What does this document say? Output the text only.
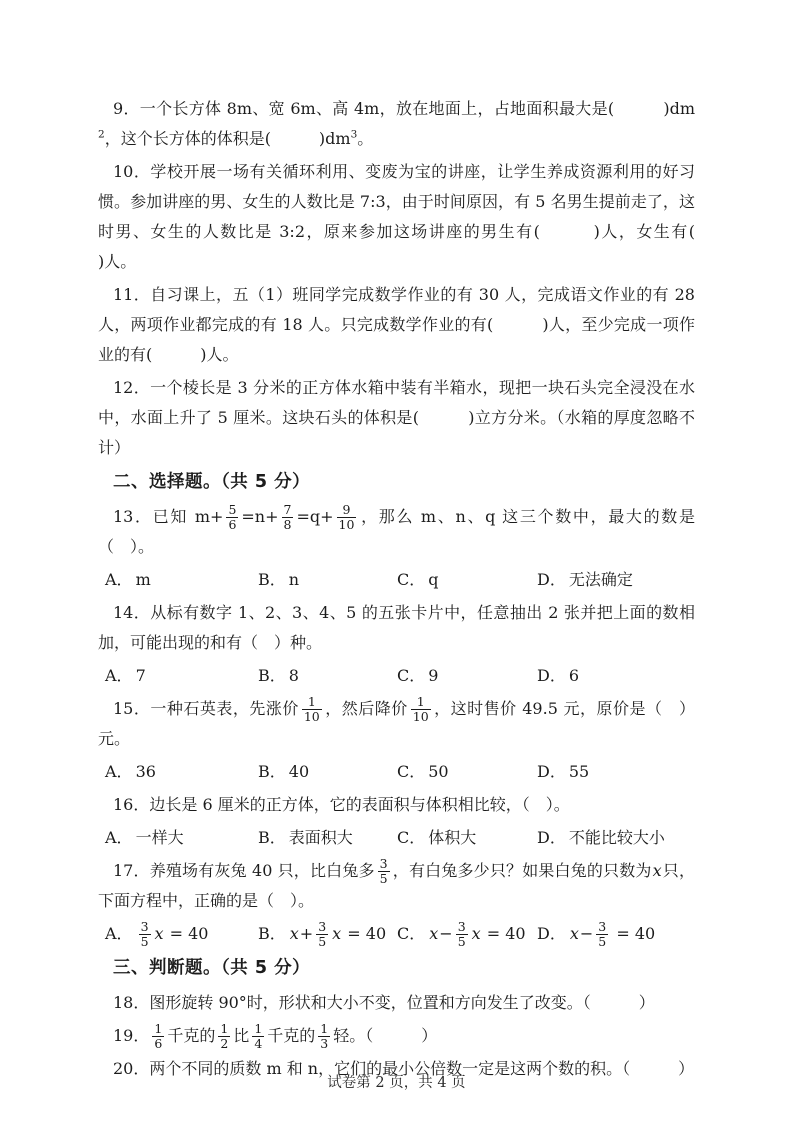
9．一个长方体 8m、宽 6m、高 4m，放在地面上，占地面积最大是(　　　)$dm^2$，这个长方体的体积是(　　　)$dm^3$。

10．学校开展一场有关循环利用、变废为宝的讲座，让学生养成资源利用的好习惯。参加讲座的男、女生的人数比是 7:3，由于时间原因，有 5 名男生提前走了，这时男、女生的人数比是 3:2，原来参加这场讲座的男生有(　　　)人，女生有(　　　)人。

11．自习课上，五（1）班同学完成数学作业的有 30 人，完成语文作业的有 28 人，两项作业都完成的有 18 人。只完成数学作业的有(　　　)人，至少完成一项作业的有(　　　)人。

12．一个棱长是 3 分米的正方体水箱中装有半箱水，现把一块石头完全浸没在水中，水面上升了 5 厘米。这块石头的体积是(　　　)立方分米。（水箱的厚度忽略不计）

二、选择题。（共 5 分）

13．已知 $m+ \frac{5}{6} =n+ \frac{7}{8} =q+ \frac{9}{10}$ ，那么 m、n、q 这三个数中，最大的数是（　）。

A． m	B． n	C． q	D． 无法确定

14．从标有数字 1、2、3、4、5 的五张卡片中，任意抽出 2 张并把上面的数相加，可能出现的和有（　）种。

A． 7	B． 8	C． 9	D． 6

15．一种石英表，先涨价 $\frac{1}{10}$ ，然后降价 $\frac{1}{10}$ ，这时售价 49.5 元，原价是（　）元。

A． 36	B． 40	C． 50	D． 55

16．边长是 6 厘米的正方体，它的表面积与体积相比较，（　）。

A． 一样大	B． 表面积大	C． 体积大	D． 不能比较大小

17．养殖场有灰兔 40 只，比白兔多 $\frac{3}{5}$ ，有白兔多少只？如果白兔的只数为x只，下面方程中，正确的是（　）。

A． $\frac{3}{5}$ x = 40	B． $x+ \frac{3}{5}$ x = 40 C． $x- \frac{3}{5}$ x = 40 D． $x- \frac{3}{5} = 40$

三、判断题。（共 5 分）

18．图形旋转 90°时，形状和大小不变，位置和方向发生了改变。（　　　）

19． $\frac{1}{6}$ 千克的 $\frac{1}{2}$ 比 $\frac{1}{4}$ 千克的 $\frac{1}{3}$ 轻。（　　　）

20．两个不同的质数 m 和 n，它们的最小公倍数一定是这两个数的积。（　　　）

试卷第 2 页，共 4 页
